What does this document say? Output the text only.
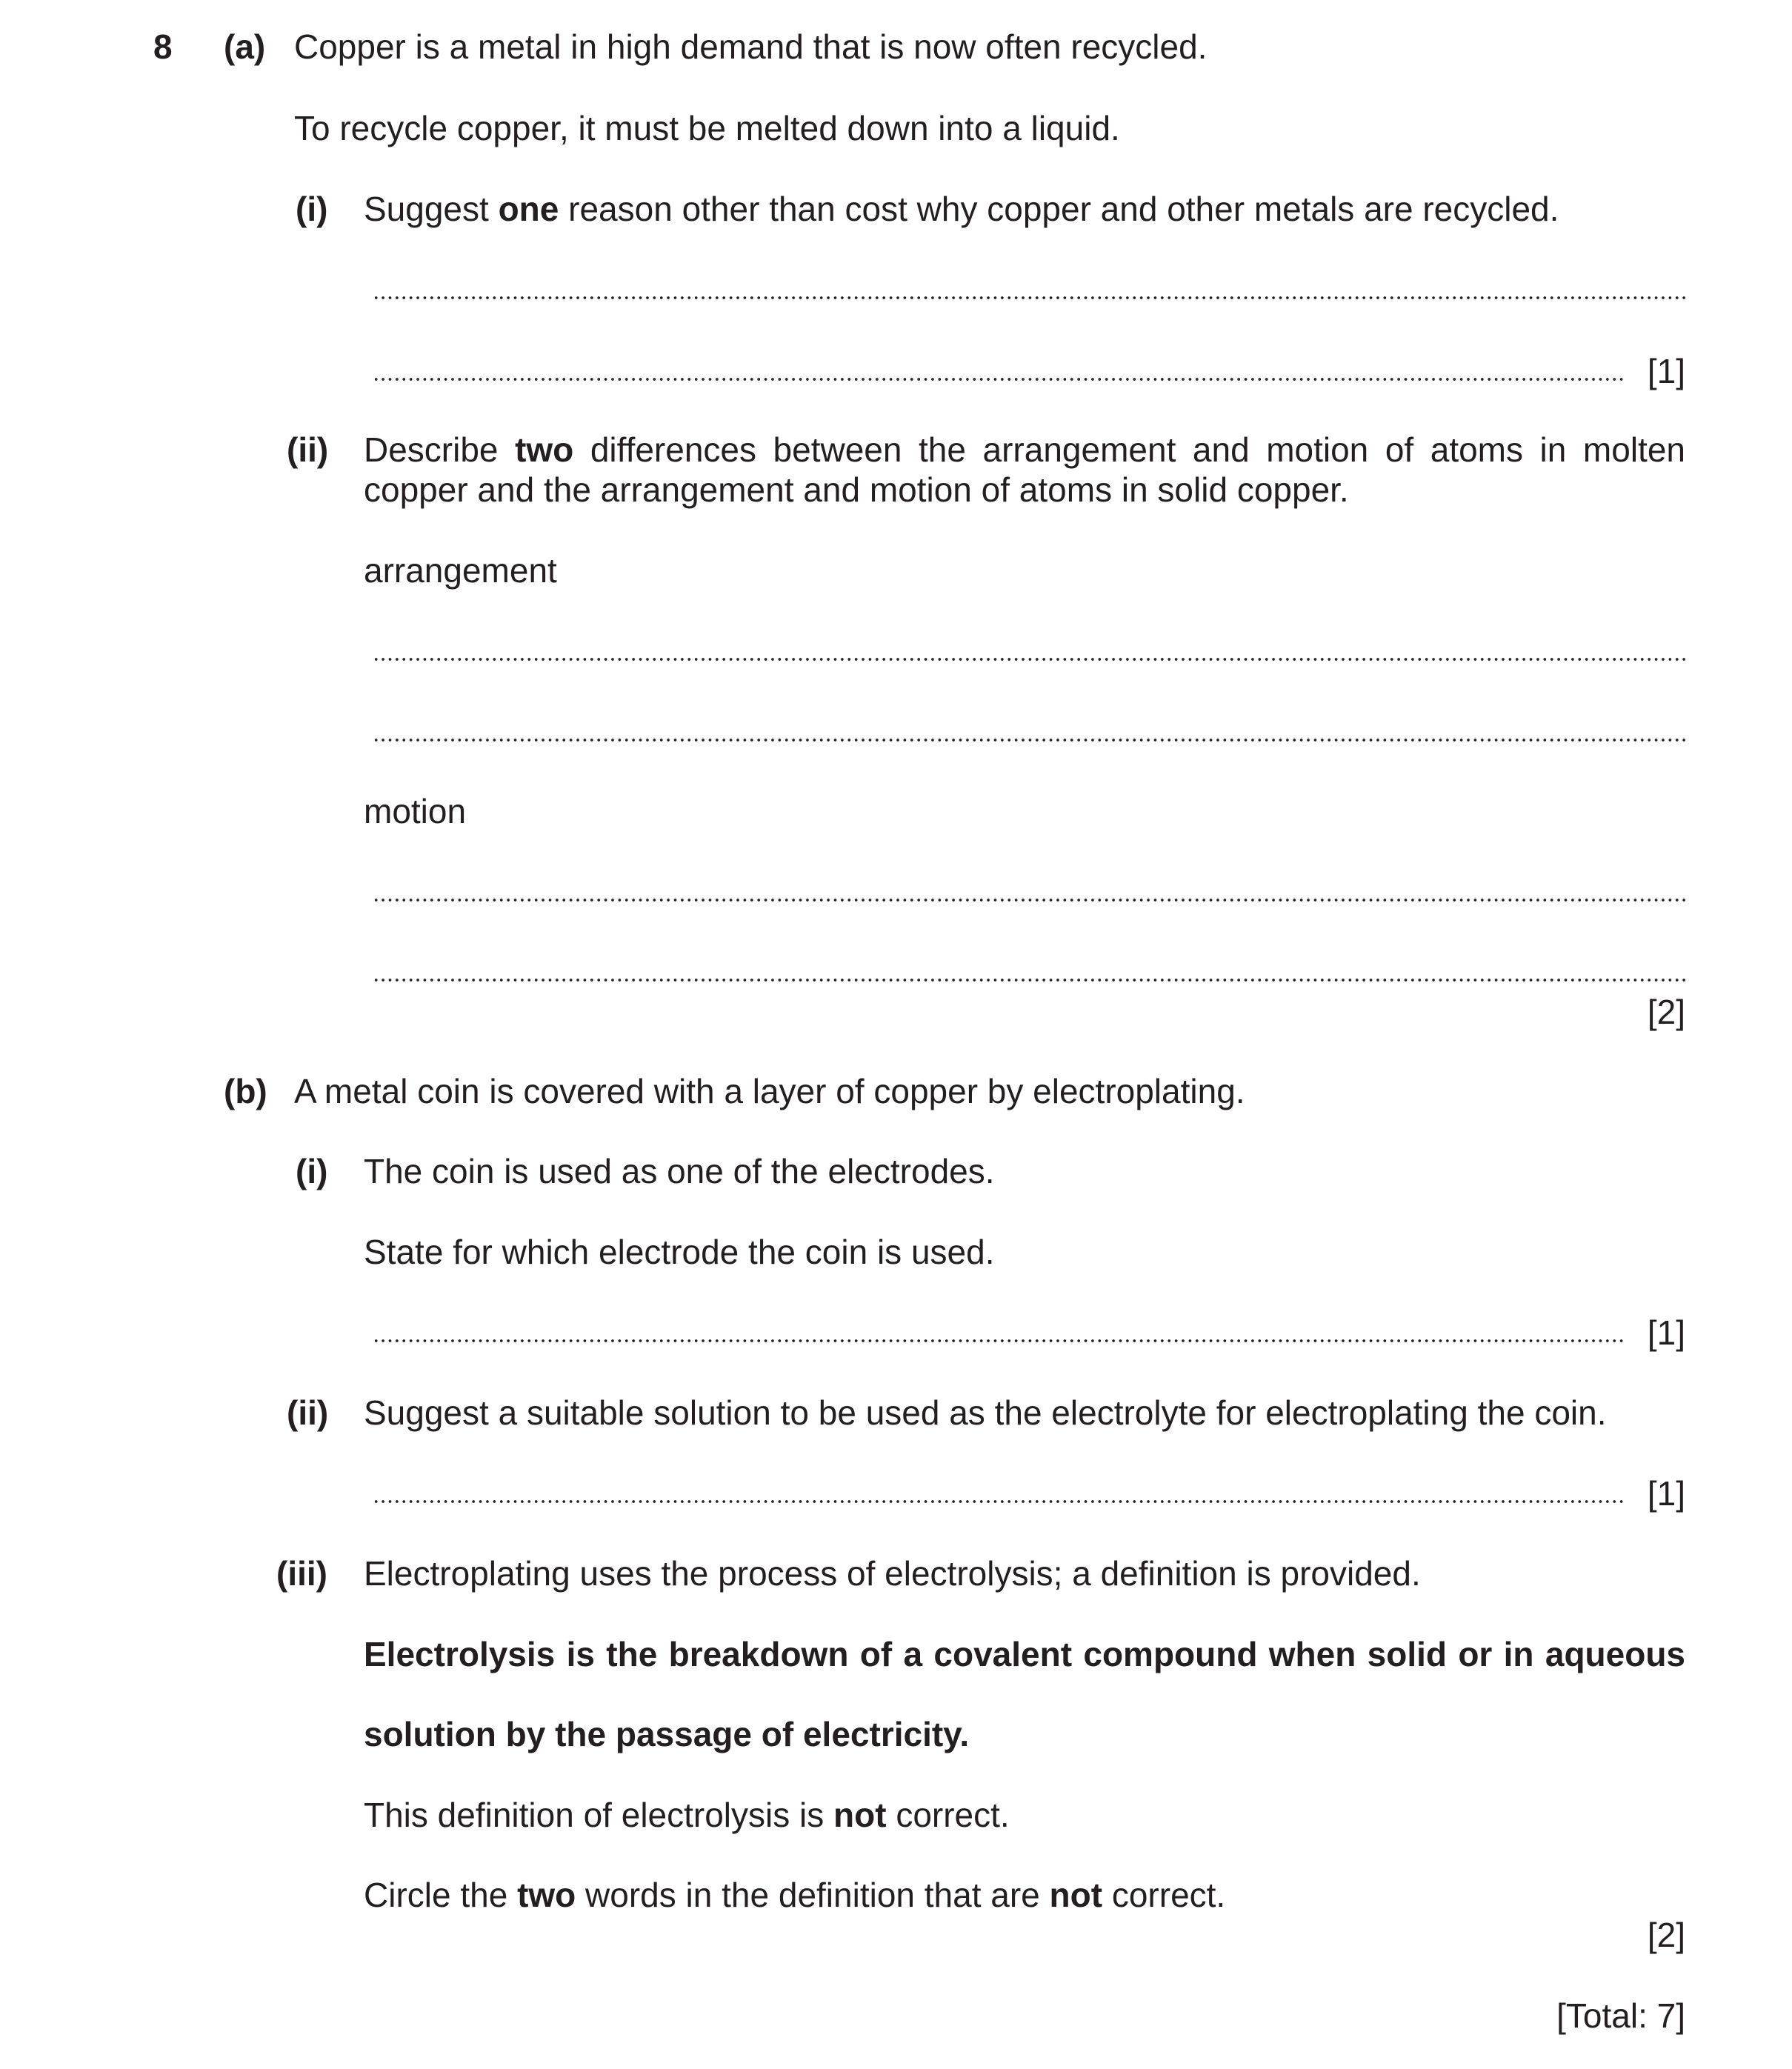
8 (a) Copper is a metal in high demand that is now often recycled.
To recycle copper, it must be melted down into a liquid.
(i) Suggest one reason other than cost why copper and other metals are recycled.
[1]
(ii) Describe two differences between the arrangement and motion of atoms in molten
copper and the arrangement and motion of atoms in solid copper.
arrangement
motion
[2]
(b) A metal coin is covered with a layer of copper by electroplating.
(i) The coin is used as one of the electrodes.
State for which electrode the coin is used.
[1]
(ii) Suggest a suitable solution to be used as the electrolyte for electroplating the coin.
[1]
(iii) Electroplating uses the process of electrolysis; a definition is provided.
Electrolysis is the breakdown of a covalent compound when solid or in aqueous
solution by the passage of electricity.
This definition of electrolysis is not correct.
Circle the two words in the definition that are not correct.
[2]
[Total: 7]
